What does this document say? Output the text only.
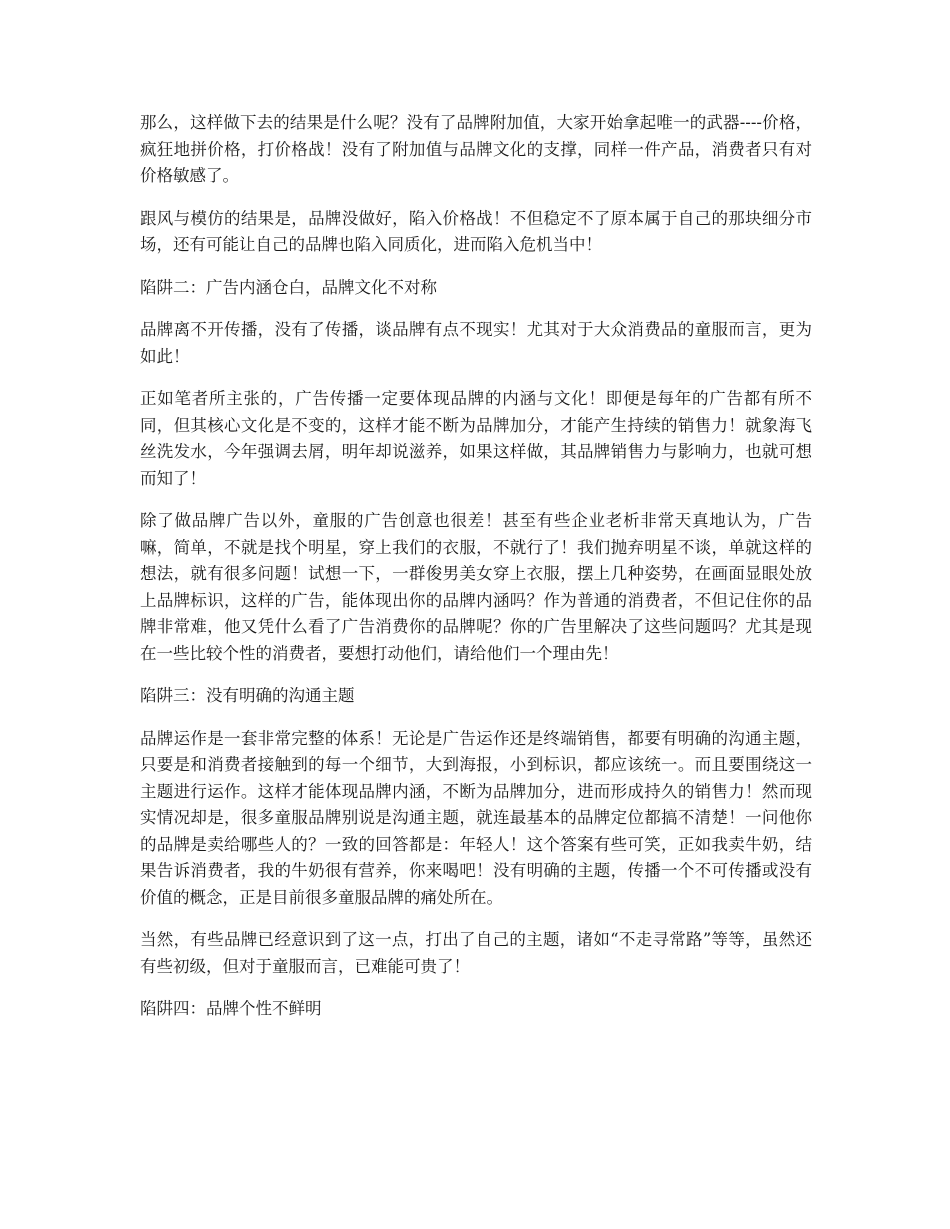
那么，这样做下去的结果是什么呢？没有了品牌附加值，大家开始拿起唯一的武器----价格，疯狂地拼价格，打价格战！没有了附加值与品牌文化的支撑，同样一件产品，消费者只有对价格敏感了。

跟风与模仿的结果是，品牌没做好，陷入价格战！不但稳定不了原本属于自己的那块细分市场，还有可能让自己的品牌也陷入同质化，进而陷入危机当中！

陷阱二：广告内涵仓白，品牌文化不对称

品牌离不开传播，没有了传播，谈品牌有点不现实！尤其对于大众消费品的童服而言，更为如此！

正如笔者所主张的，广告传播一定要体现品牌的内涵与文化！即便是每年的广告都有所不同，但其核心文化是不变的，这样才能不断为品牌加分，才能产生持续的销售力！就象海飞丝洗发水，今年强调去屑，明年却说滋养，如果这样做，其品牌销售力与影响力，也就可想而知了！

除了做品牌广告以外，童服的广告创意也很差！甚至有些企业老析非常天真地认为，广告嘛，简单，不就是找个明星，穿上我们的衣服，不就行了！我们抛弃明星不谈，单就这样的想法，就有很多问题！试想一下，一群俊男美女穿上衣服，摆上几种姿势，在画面显眼处放上品牌标识，这样的广告，能体现出你的品牌内涵吗？作为普通的消费者，不但记住你的品牌非常难，他又凭什么看了广告消费你的品牌呢？你的广告里解决了这些问题吗？尤其是现在一些比较个性的消费者，要想打动他们，请给他们一个理由先！

陷阱三：没有明确的沟通主题

品牌运作是一套非常完整的体系！无论是广告运作还是终端销售，都要有明确的沟通主题，只要是和消费者接触到的每一个细节，大到海报，小到标识，都应该统一。而且要围绕这一主题进行运作。这样才能体现品牌内涵，不断为品牌加分，进而形成持久的销售力！然而现实情况却是，很多童服品牌别说是沟通主题，就连最基本的品牌定位都搞不清楚！一问他你的品牌是卖给哪些人的？一致的回答都是：年轻人！这个答案有些可笑，正如我卖牛奶，结果告诉消费者，我的牛奶很有营养，你来喝吧！没有明确的主题，传播一个不可传播或没有价值的概念，正是目前很多童服品牌的痛处所在。

当然，有些品牌已经意识到了这一点，打出了自己的主题，诸如“不走寻常路”等等，虽然还有些初级，但对于童服而言，已难能可贵了！

陷阱四：品牌个性不鲜明
